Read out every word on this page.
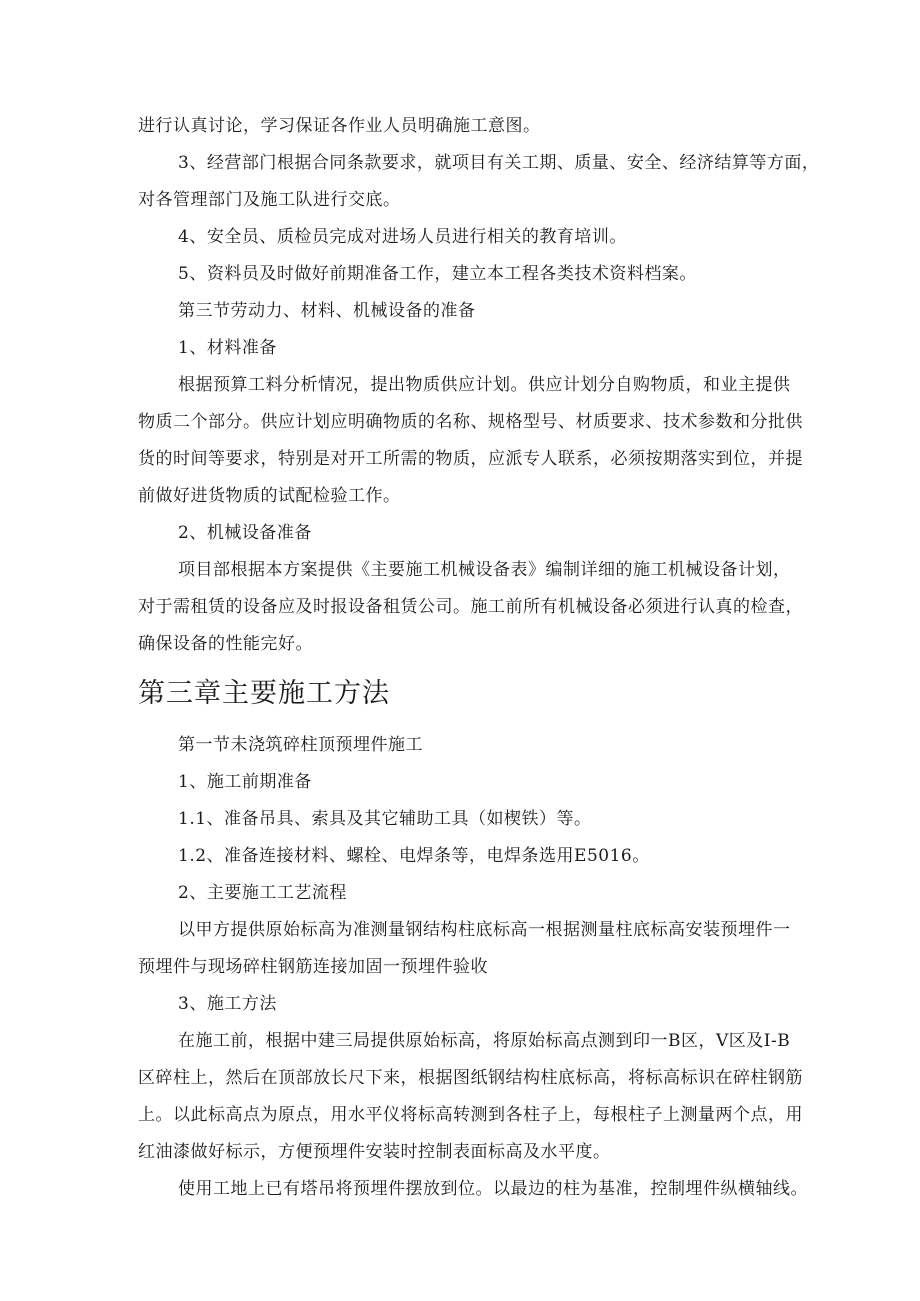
进行认真讨论，学习保证各作业人员明确施工意图。
3、经营部门根据合同条款要求，就项目有关工期、质量、安全、经济结算等方面，
对各管理部门及施工队进行交底。
4、安全员、质检员完成对进场人员进行相关的教育培训。
5、资料员及时做好前期准备工作，建立本工程各类技术资料档案。
第三节劳动力、材料、机械设备的准备
1、材料准备
根据预算工料分析情况，提出物质供应计划。供应计划分自购物质，和业主提供
物质二个部分。供应计划应明确物质的名称、规格型号、材质要求、技术参数和分批供
货的时间等要求，特别是对开工所需的物质，应派专人联系，必须按期落实到位，并提
前做好进货物质的试配检验工作。
2、机械设备准备
项目部根据本方案提供《主要施工机械设备表》编制详细的施工机械设备计划，
对于需租赁的设备应及时报设备租赁公司。施工前所有机械设备必须进行认真的检查，
确保设备的性能完好。
第三章主要施工方法
第一节未浇筑碎柱顶预埋件施工
1、施工前期准备
1.1、准备吊具、索具及其它辅助工具（如楔铁）等。
1.2、准备连接材料、螺栓、电焊条等，电焊条选用E5016。
2、主要施工工艺流程
以甲方提供原始标高为准测量钢结构柱底标高一根据测量柱底标高安装预埋件一
预埋件与现场碎柱钢筋连接加固一预埋件验收
3、施工方法
在施工前，根据中建三局提供原始标高，将原始标高点测到印一B区，V区及I-B
区碎柱上，然后在顶部放长尺下来，根据图纸钢结构柱底标高，将标高标识在碎柱钢筋
上。以此标高点为原点，用水平仪将标高转测到各柱子上，每根柱子上测量两个点，用
红油漆做好标示，方便预埋件安装时控制表面标高及水平度。
使用工地上已有塔吊将预埋件摆放到位。以最边的柱为基准，控制埋件纵横轴线。
